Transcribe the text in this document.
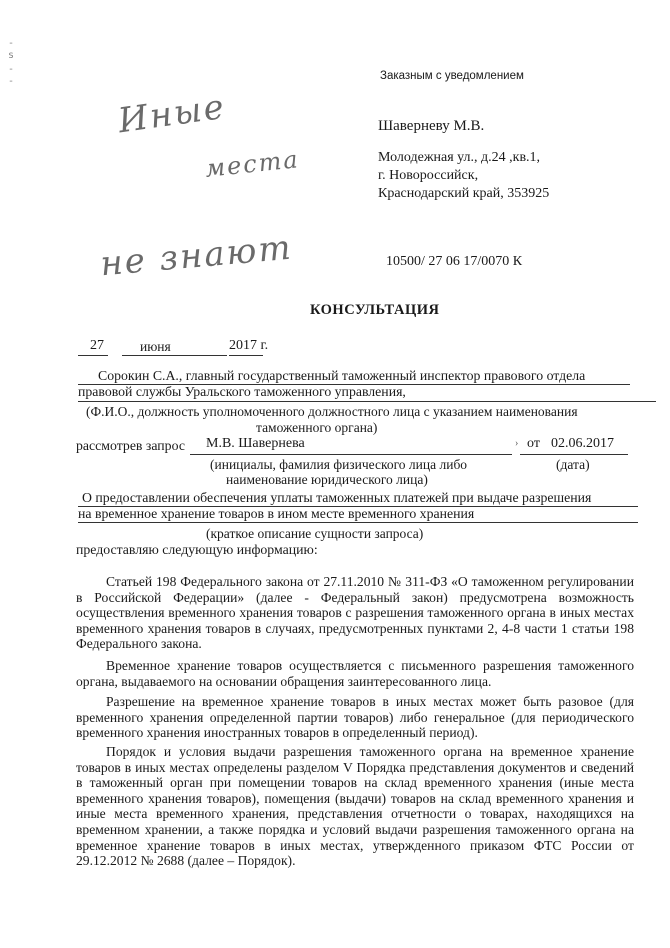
-
s
-
-	Заказным с уведомлением
Шаверневу М.В.
Молодежная ул., д.24 ,кв.1,
г. Новороссийск,
Краснодарский край, 353925
Иные
места
не знают	10500/ 27 06 17/0070 К
КОНСУЛЬТАЦИЯ
27	июня	2017 г.
Сорокин С.А., главный государственный таможенный инспектор правового отдела
правовой службы Уральского таможенного управления,
(Ф.И.О., должность уполномоченного должностного лица с указанием наименования
таможенного органа)
рассмотрев запрос М.В. Шавернева	› от 02.06.2017
(инициалы, фамилия физического лица либо	(дата)
наименование юридического лица)
О предоставлении обеспечения уплаты таможенных платежей при выдаче разрешения
на временное хранение товаров в ином месте временного хранения
(краткое описание сущности запроса)
предоставляю следующую информацию:
Статьей 198 Федерального закона от 27.11.2010 № 311-ФЗ «О таможенном регулировании в Российской Федерации» (далее - Федеральный закон) предусмотрена возможность осуществления временного хранения товаров с разрешения таможенного органа в иных местах временного хранения товаров в случаях, предусмотренных пунктами 2, 4-8 части 1 статьи 198 Федерального закона.
Временное хранение товаров осуществляется с письменного разрешения таможенного органа, выдаваемого на основании обращения заинтересованного лица.
Разрешение на временное хранение товаров в иных местах может быть разовое (для временного хранения определенной партии товаров) либо генеральное (для периодического временного хранения иностранных товаров в определенный период).
Порядок и условия выдачи разрешения таможенного органа на временное хранение товаров в иных местах определены разделом V Порядка представления документов и сведений в таможенный орган при помещении товаров на склад временного хранения (иные места временного хранения товаров), помещения (выдачи) товаров на склад временного хранения и иные места временного хранения, представления отчетности о товарах, находящихся на временном хранении, а также порядка и условий выдачи разрешения таможенного органа на временное хранение товаров в иных местах, утвержденного приказом ФТС России от 29.12.2012 № 2688 (далее – Порядок).
